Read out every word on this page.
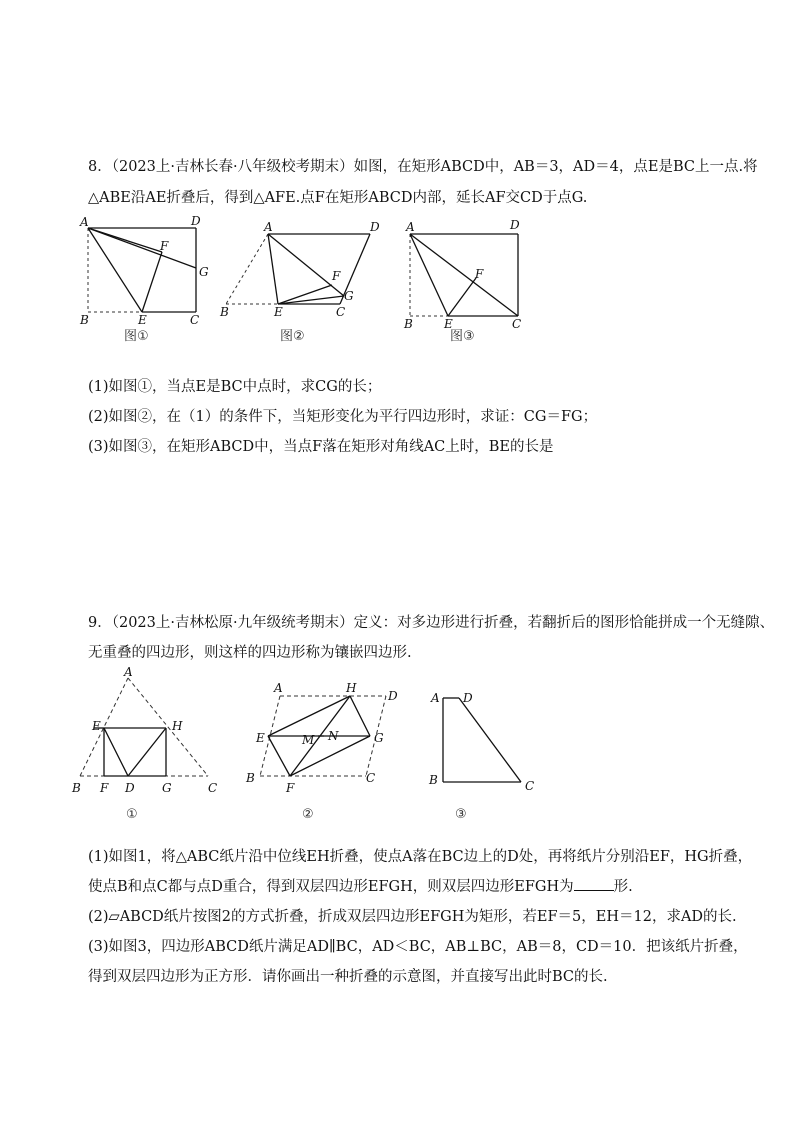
8．（2023上·吉林长春·八年级校考期末）如图，在矩形ABCD中，AB＝3，AD＝4，点E是BC上一点.将
△ABE沿AE折叠后，得到△AFE.点F在矩形ABCD内部，延长AF交CD于点G.
A	D
F
G
B	E	C
图①
A	D
F
G
B	E	C
图②
A	D
F
B	E	C
图③
(1)如图①，当点E是BC中点时，求CG的长；
(2)如图②，在（1）的条件下，当矩形变化为平行四边形时，求证：CG＝FG；
(3)如图③，在矩形ABCD中，当点F落在矩形对角线AC上时，BE的长是
9．（2023上·吉林松原·九年级统考期末）定义：对多边形进行折叠，若翻折后的图形恰能拼成一个无缝隙、
无重叠的四边形，则这样的四边形称为镶嵌四边形.
A
E	H
B F D G	C
①
A	H
D
E	M N	G
B
F
C
②
A D
B	C
③
(1)如图1，将△ABC纸片沿中位线EH折叠，使点A落在BC边上的D处，再将纸片分别沿EF，HG折叠，
使点B和点C都与点D重合，得到双层四边形EFGH，则双层四边形EFGH为	形.
(2)▱ABCD纸片按图2的方式折叠，折成双层四边形EFGH为矩形，若EF＝5，EH＝12，求AD的长.
(3)如图3，四边形ABCD纸片满足AD∥BC，AD＜BC，AB⊥BC，AB＝8，CD＝10．把该纸片折叠，
得到双层四边形为正方形．请你画出一种折叠的示意图，并直接写出此时BC的长.
